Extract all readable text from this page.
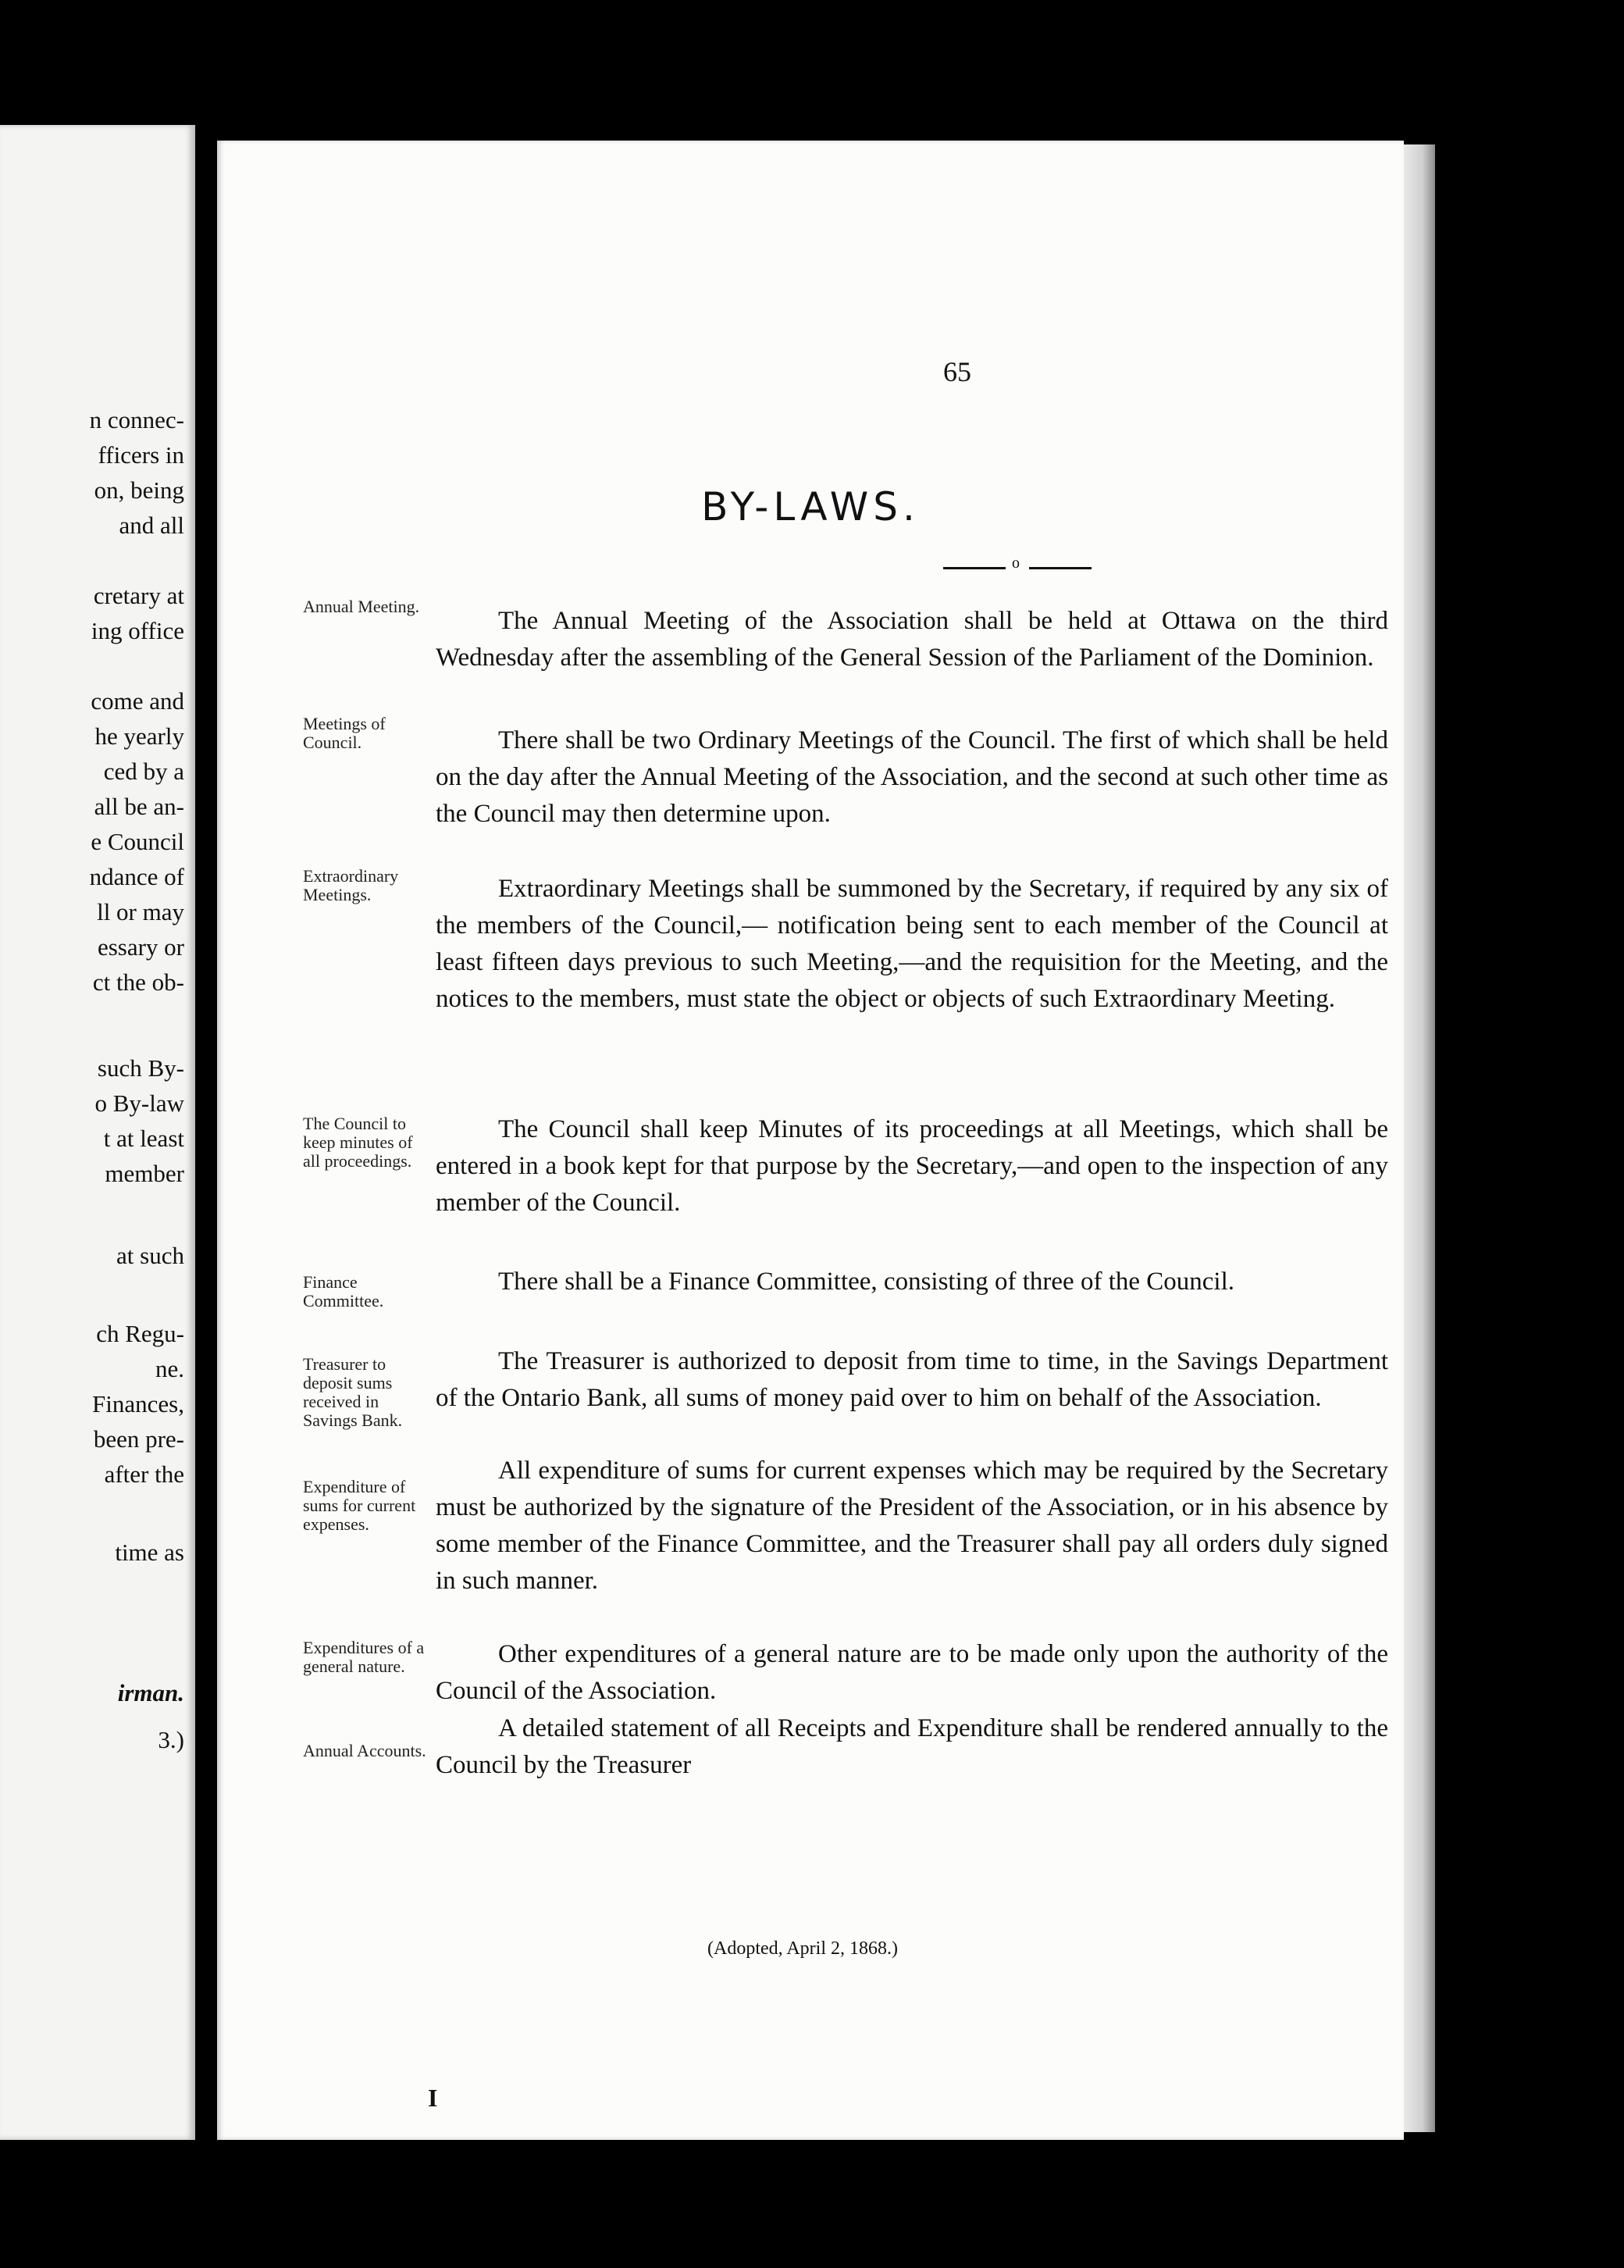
n connec-
fficers in
on, being
and all
cretary at
ing office
come and
he yearly
ced by a
all be an-
e Council
ndance of
ll or may
essary or
ct the ob-
such By-
o By-law
t at least
member
at such
ch Regu-
ne.
Finances,
been pre-
after the
time as
irman.
3.)
65
BY-LAWS.
o
Annual Meeting.
Meetings of Council.
Extraordinary Meetings.
The Council to keep minutes of all proceedings.
Finance Committee.
Treasurer to deposit sums received in Savings Bank.
Expenditure of sums for current expenses.
Expenditures of a general nature.
Annual Accounts.

The Annual Meeting of the Association shall be held at Ottawa on the third Wednesday after the assembling of the General Session of the Parliament of the Dominion.

There shall be two Ordinary Meetings of the Council. The first of which shall be held on the day after the Annual Meeting of the Association, and the second at such other time as the Council may then determine upon.

Extraordinary Meetings shall be summoned by the Secretary, if required by any six of the members of the Council,— notification being sent to each member of the Council at least fifteen days previous to such Meeting,—and the requisition for the Meeting, and the notices to the members, must state the object or objects of such Extraordinary Meeting.

The Council shall keep Minutes of its proceedings at all Meetings, which shall be entered in a book kept for that purpose by the Secretary,—and open to the inspection of any member of the Council.

There shall be a Finance Committee, consisting of three of the Council.

The Treasurer is authorized to deposit from time to time, in the Savings Department of the Ontario Bank, all sums of money paid over to him on behalf of the Association.

All expenditure of sums for current expenses which may be required by the Secretary must be authorized by the signature of the President of the Association, or in his absence by some member of the Finance Committee, and the Treasurer shall pay all orders duly signed in such manner.

Other expenditures of a general nature are to be made only upon the authority of the Council of the Association.

A detailed statement of all Receipts and Expenditure shall be rendered annually to the Council by the Treasurer

(Adopted, April 2, 1868.)
I
